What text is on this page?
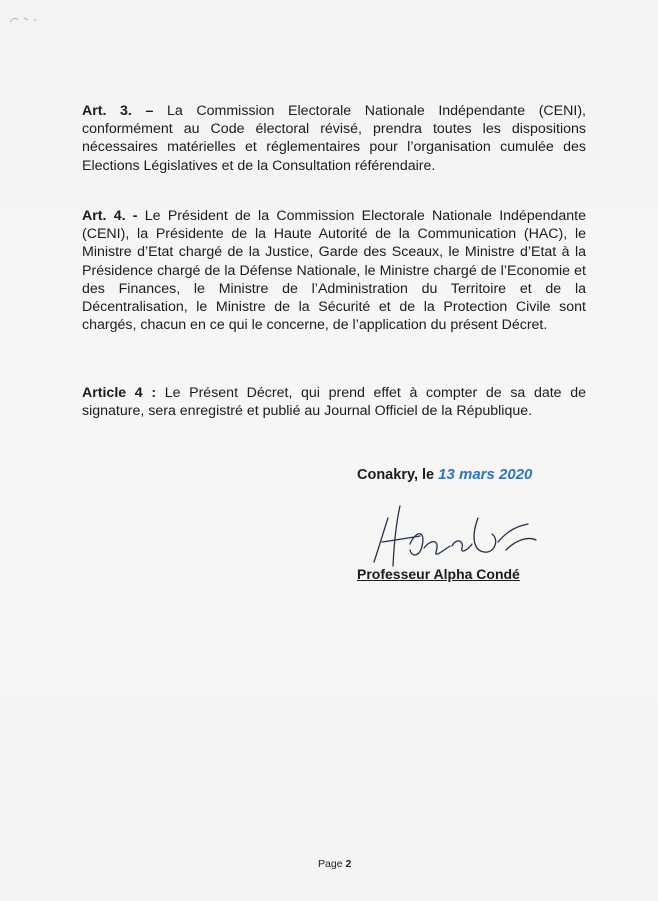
Art. 3. – La Commission Electorale Nationale Indépendante (CENI), conformément au Code électoral révisé, prendra toutes les dispositions nécessaires matérielles et réglementaires pour l’organisation cumulée des Elections Législatives et de la Consultation référendaire.

Art. 4. - Le Président de la Commission Electorale Nationale Indépendante (CENI), la Présidente de la Haute Autorité de la Communication (HAC), le Ministre d’Etat chargé de la Justice, Garde des Sceaux, le Ministre d’Etat à la Présidence chargé de la Défense Nationale, le Ministre chargé de l’Economie et des Finances, le Ministre de l’Administration du Territoire et de la Décentralisation, le Ministre de la Sécurité et de la Protection Civile sont chargés, chacun en ce qui le concerne, de l’application du présent Décret.

Article 4 : Le Présent Décret, qui prend effet à compter de sa date de signature, sera enregistré et publié au Journal Officiel de la République.

Conakry, le 13 mars 2020
Professeur Alpha Condé
Page 2
